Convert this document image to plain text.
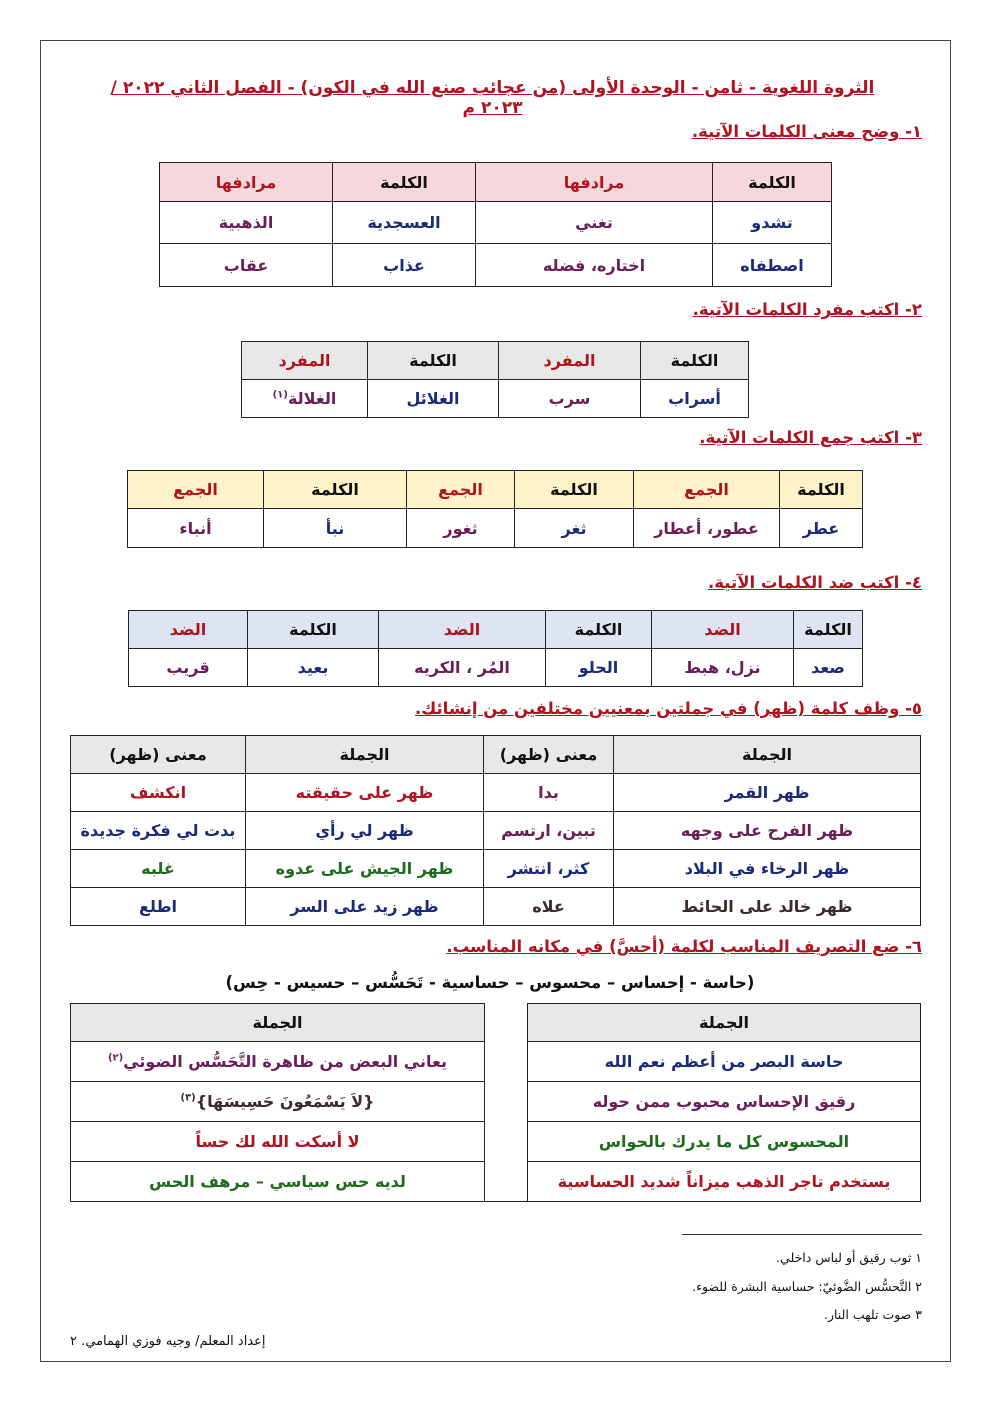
الثروة اللغوية - ثامن - الوحدة الأولى (من عجائب صنع الله في الكون) - الفصل الثاني ٢٠٢٢ / ٢٠٢٣ م
١- وضح معنى الكلمات الآتية.
الكلمة	مرادفها	الكلمة	مرادفها
تشدو	تغني	العسجدية	الذهبية
اصطفاه	اختاره، فضله	عذاب	عقاب
٢- اكتب مفرد الكلمات الآتية.
الكلمة	المفرد	الكلمة	المفرد
أسراب	سرب	الغلائل	الغلالة$^{(١)}$
٣- اكتب جمع الكلمات الآتية.
الكلمة	الجمع	الكلمة	الجمع	الكلمة	الجمع
عطر	عطور، أعطار	ثغر	ثغور	نبأ	أنباء
٤- اكتب ضد الكلمات الآتية.
الكلمة	الضد	الكلمة	الضد	الكلمة	الضد
صعد	نزل، هبط	الحلو	المُر ، الكريه	بعيد	قريب
٥- وظف كلمة (ظهر) في جملتين بمعنيين مختلفين من إنشائك.
الجملة	معنى (ظهر)	الجملة	معنى (ظهر)
ظهر القمر	بدا	ظهر على حقيقته	انكشف
ظهر الفرح على وجهه	تبين، ارتسم	ظهر لي رأي	بدت لي فكرة جديدة
ظهر الرخاء في البلاد	كثر، انتشر	ظهر الجيش على عدوه	غلبه
ظهر خالد على الحائط	علاه	ظهر زيد على السر	اطلع
٦- ضع التصريف المناسب لكلمة (أحسَّ) في مكانه المناسب.
(حاسة - إحساس – محسوس – حساسية - تَحَسُّس – حسيس - حِس)
الجملة		الجملة
حاسة البصر من أعظم نعم الله		يعاني البعض من ظاهرة التَّحَسُّس الضوئي$^{(٢)}$
رقيق الإحساس محبوب ممن حوله		{لاَ يَسْمَعُونَ حَسِيسَهَا}$^{(٣)}$
المحسوس كل ما يدرك بالحواس		لا أسكت الله لك حساً
يستخدم تاجر الذهب ميزاناً شديد الحساسية		لديه حس سياسي – مرهف الحس
١ ثوب رقيق أو لباس داخلي.
٢ التَّحسُّس الضَّوئيّ: حساسية البشرة للضوء.
٣ صوت تلهب النار.
إعداد المعلم/ وجيه فوزي الهمامي. ٢
